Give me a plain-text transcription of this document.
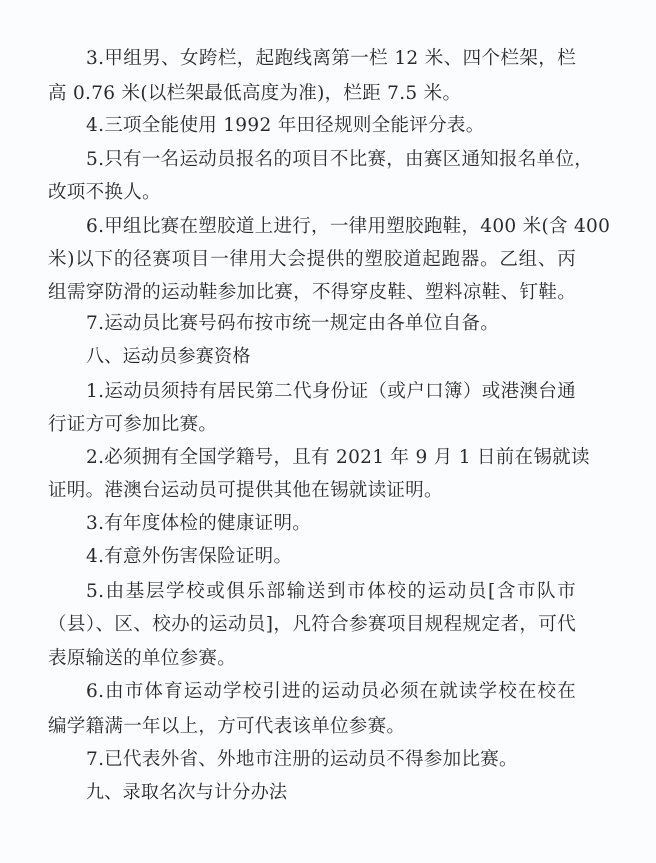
3.甲组男、女跨栏，起跑线离第一栏 12 米、四个栏架，栏
高 0.76 米(以栏架最低高度为准)，栏距 7.5 米。
4.三项全能使用 1992 年田径规则全能评分表。
5.只有一名运动员报名的项目不比赛，由赛区通知报名单位，
改项不换人。
6.甲组比赛在塑胶道上进行，一律用塑胶跑鞋，400 米(含 400
米)以下的径赛项目一律用大会提供的塑胶道起跑器。乙组、丙
组需穿防滑的运动鞋参加比赛，不得穿皮鞋、塑料凉鞋、钉鞋。
7.运动员比赛号码布按市统一规定由各单位自备。
八、运动员参赛资格
1.运动员须持有居民第二代身份证（或户口簿）或港澳台通
行证方可参加比赛。
2.必须拥有全国学籍号，且有 2021 年 9 月 1 日前在锡就读
证明。港澳台运动员可提供其他在锡就读证明。
3.有年度体检的健康证明。
4.有意外伤害保险证明。
5.由基层学校或俱乐部输送到市体校的运动员[含市队市
（县）、区、校办的运动员]，凡符合参赛项目规程规定者，可代
表原输送的单位参赛。
6.由市体育运动学校引进的运动员必须在就读学校在校在
编学籍满一年以上，方可代表该单位参赛。
7.已代表外省、外地市注册的运动员不得参加比赛。
九、录取名次与计分办法
